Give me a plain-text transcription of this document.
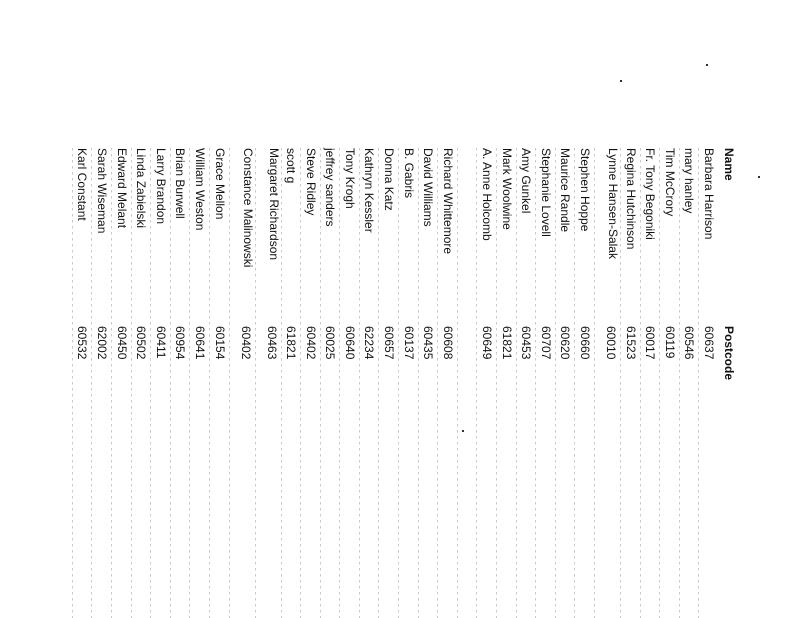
Name
Postcode
Barbara Harrison
60637
mary hanley
60546
Tim McCrory
60119
Fr. Tony Begoniki
60017
Regina Hutchinson
61523
Lynne Hansen-Salak
60010
Stephen Hoppe
60660
Maurice Randle
60620
Stephanie Lovell
60707
Amy Gunkel
60453
Mark Woolwine
61821
A. Anne Holcomb
60649
Richard Whittemore
60608
David Williams
60435
B. Gabris
60137
Donna Katz
60657
Kathryn Kessler
62234
Tony Krogh
60640
jeffrey sanders
60025
Steve Ridley
60402
scott g
61821
Margaret Richardson
60463
Constance Malinowski
60402
Grace Mellon
60154
William Weston
60641
Brian Burwell
60954
Larry Brandon
60411
Linda Zabielski
60502
Edward Melant
60450
Sarah Wiseman
62002
Karl Constant
60532
